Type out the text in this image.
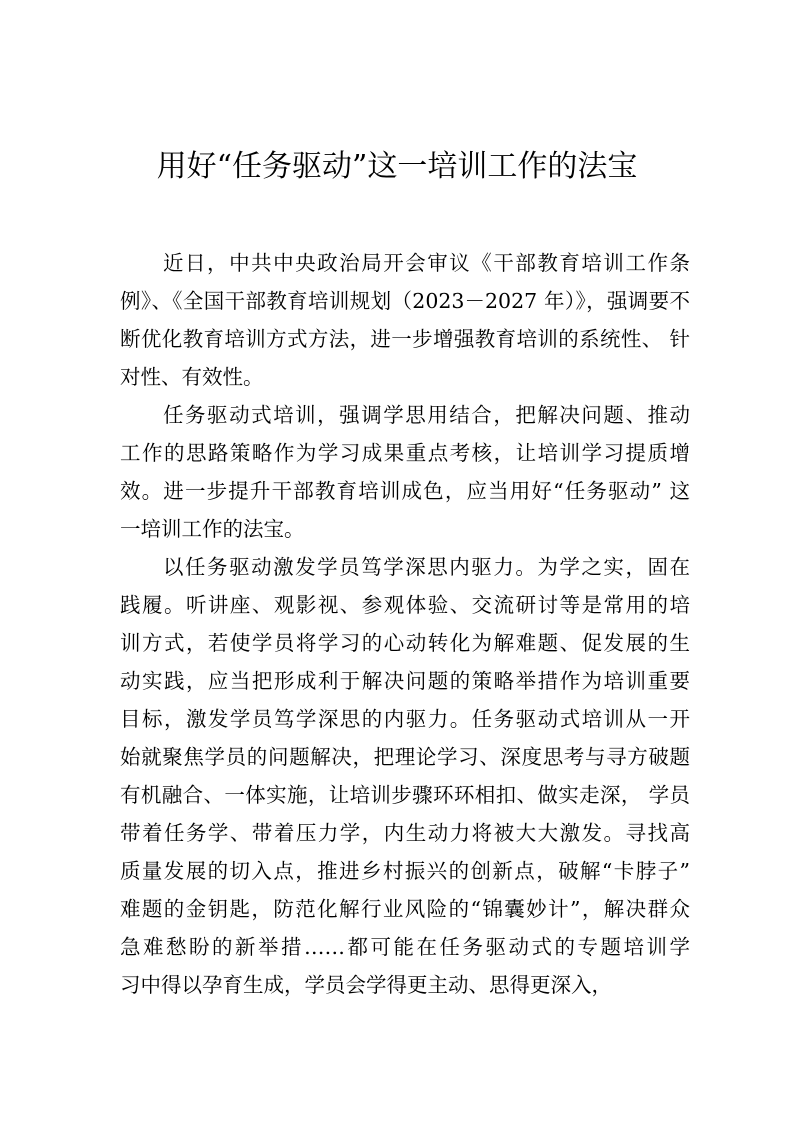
用好“任务驱动”这一培训工作的法宝
近日，中共中央政治局开会审议《干部教育培训工作条
例》、《全国干部教育培训规划（2023－2027 年）》，强调要不
断优化教育培训方式方法，进一步增强教育培训的系统性、 针
对性、有效性。
任务驱动式培训，强调学思用结合，把解决问题、推动
工作的思路策略作为学习成果重点考核，让培训学习提质增
效。进一步提升干部教育培训成色，应当用好“任务驱动” 这
一培训工作的法宝。
以任务驱动激发学员笃学深思内驱力。为学之实，固在
践履。听讲座、观影视、参观体验、交流研讨等是常用的培
训方式，若使学员将学习的心动转化为解难题、促发展的生
动实践，应当把形成利于解决问题的策略举措作为培训重要
目标，激发学员笃学深思的内驱力。任务驱动式培训从一开
始就聚焦学员的问题解决，把理论学习、深度思考与寻方破题
有机融合、一体实施，让培训步骤环环相扣、做实走深， 学员
带着任务学、带着压力学，内生动力将被大大激发。寻找高
质量发展的切入点，推进乡村振兴的创新点，破解“卡脖子”
难题的金钥匙，防范化解行业风险的“锦囊妙计”，解决群众
急难愁盼的新举措……都可能在任务驱动式的专题培训学
习中得以孕育生成，学员会学得更主动、思得更深入，
